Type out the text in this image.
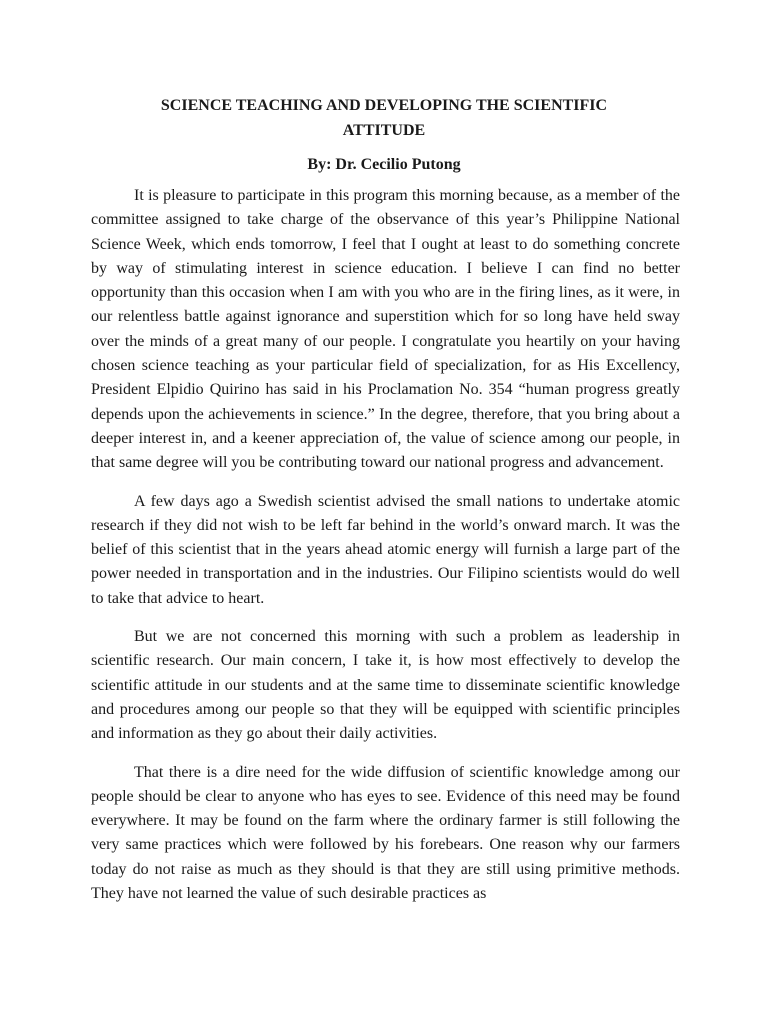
SCIENCE TEACHING AND DEVELOPING THE SCIENTIFIC
ATTITUDE

By: Dr. Cecilio Putong

It is pleasure to participate in this program this morning because, as a member of the committee assigned to take charge of the observance of this year’s Philippine National Science Week, which ends tomorrow, I feel that I ought at least to do something concrete by way of stimulating interest in science education. I believe I can find no better opportunity than this occasion when I am with you who are in the firing lines, as it were, in our relentless battle against ignorance and superstition which for so long have held sway over the minds of a great many of our people. I congratulate you heartily on your having chosen science teaching as your particular field of specialization, for as His Excellency, President Elpidio Quirino has said in his Proclamation No. 354 “human progress greatly depends upon the achievements in science.” In the degree, therefore, that you bring about a deeper interest in, and a keener appreciation of, the value of science among our people, in that same degree will you be contributing toward our national progress and advancement.

A few days ago a Swedish scientist advised the small nations to undertake atomic research if they did not wish to be left far behind in the world’s onward march. It was the belief of this scientist that in the years ahead atomic energy will furnish a large part of the power needed in transportation and in the industries. Our Filipino scientists would do well to take that advice to heart.

But we are not concerned this morning with such a problem as leadership in scientific research. Our main concern, I take it, is how most effectively to develop the scientific attitude in our students and at the same time to disseminate scientific knowledge and procedures among our people so that they will be equipped with scientific principles and information as they go about their daily activities.

That there is a dire need for the wide diffusion of scientific knowledge among our people should be clear to anyone who has eyes to see. Evidence of this need may be found everywhere. It may be found on the farm where the ordinary farmer is still following the very same practices which were followed by his forebears. One reason why our farmers today do not raise as much as they should is that they are still using primitive methods. They have not learned the value of such desirable practices as
